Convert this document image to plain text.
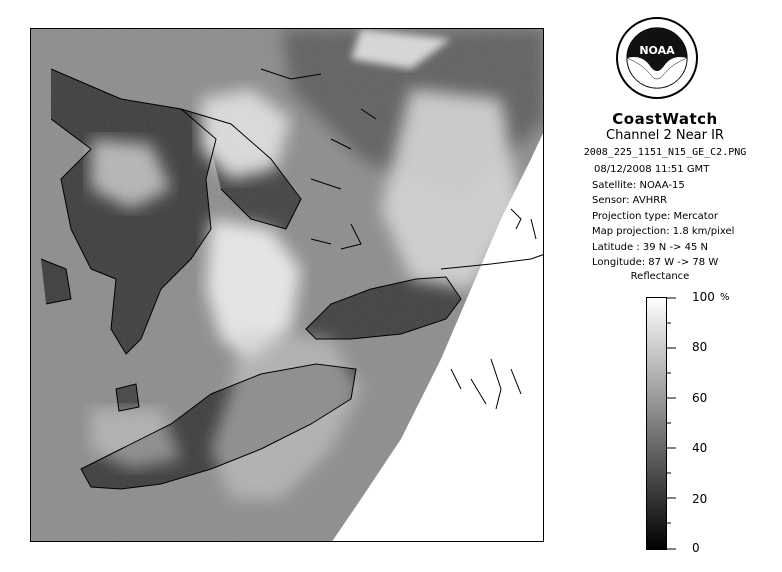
NOAA
CoastWatch
Channel 2 Near IR
2008_225_1151_N15_GE_C2.PNG
08/12/2008 11:51 GMT
Satellite: NOAA-15
Sensor: AVHRR
Projection type: Mercator
Map projection: 1.8 km/pixel
Latitude : 39 N -> 45 N
Longitude: 87 W -> 78 W
Reflectance
%
100
80
60
40
20
0
